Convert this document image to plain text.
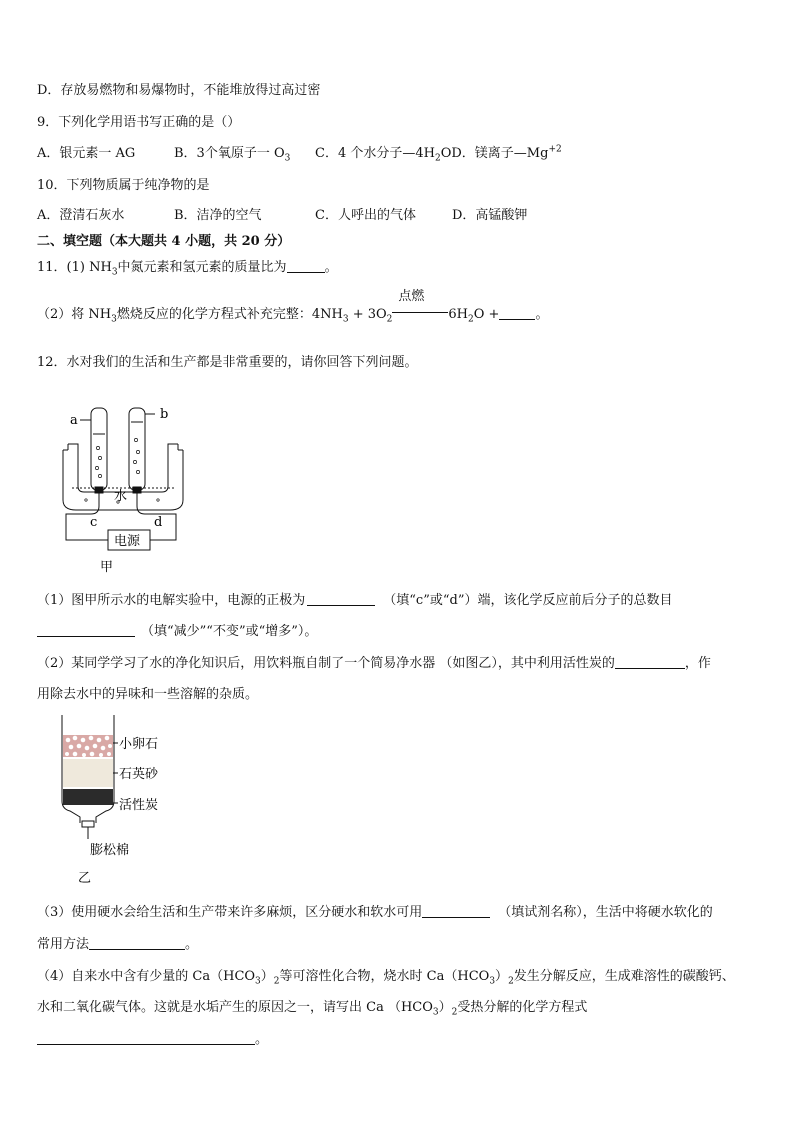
D．存放易燃物和易爆物时，不能堆放得过高过密
9．下列化学用语书写正确的是（）
A．银元素一 AG	B．3个氧原子一 $O_3$ C．4 个水分子$—4H_2OD$．镁离子$—Mg^{+2}$
10．下列物质属于纯净物的是
A．澄清石灰水	B．洁净的空气	C．人呼出的气体	D．高锰酸钾
二、填空题（本大题共 4 小题，共 20 分）
11．(1) $NH_3$中氮元素和氢元素的质量比为	。
（2）将 $NH_3$燃烧反应的化学方程式补充完整：$4NH_3 + 3O_2$
点燃
$6H_2O$ +	。
12．水对我们的生活和生产都是非常重要的，请你回答下列问题。
a	b
c	d
水
电源
甲
（1）图甲所示水的电解实验中，电源的正极为	（填“c”或“d”）端，该化学反应前后分子的总数目
（填“减少”“不变”或“增多”）。
（2）某同学学习了水的净化知识后，用饮料瓶自制了一个简易净水器 （如图乙），其中利用活性炭的	，作
用除去水中的异味和一些溶解的杂质。
小卵石
石英砂
活性炭
膨松棉
乙
（3）使用硬水会给生活和生产带来许多麻烦，区分硬水和软水可用	（填试剂名称），生活中将硬水软化的
常用方法	。
（4）自来水中含有少量的 $Ca(HCO_3)_2$等可溶性化合物，烧水时 $Ca(HCO_3)_2$发生分解反应，生成难溶性的碳酸钙、
水和二氧化碳气体。这就是水垢产生的原因之一，请写出 Ca $(HCO_3)_2$受热分解的化学方程式
。
